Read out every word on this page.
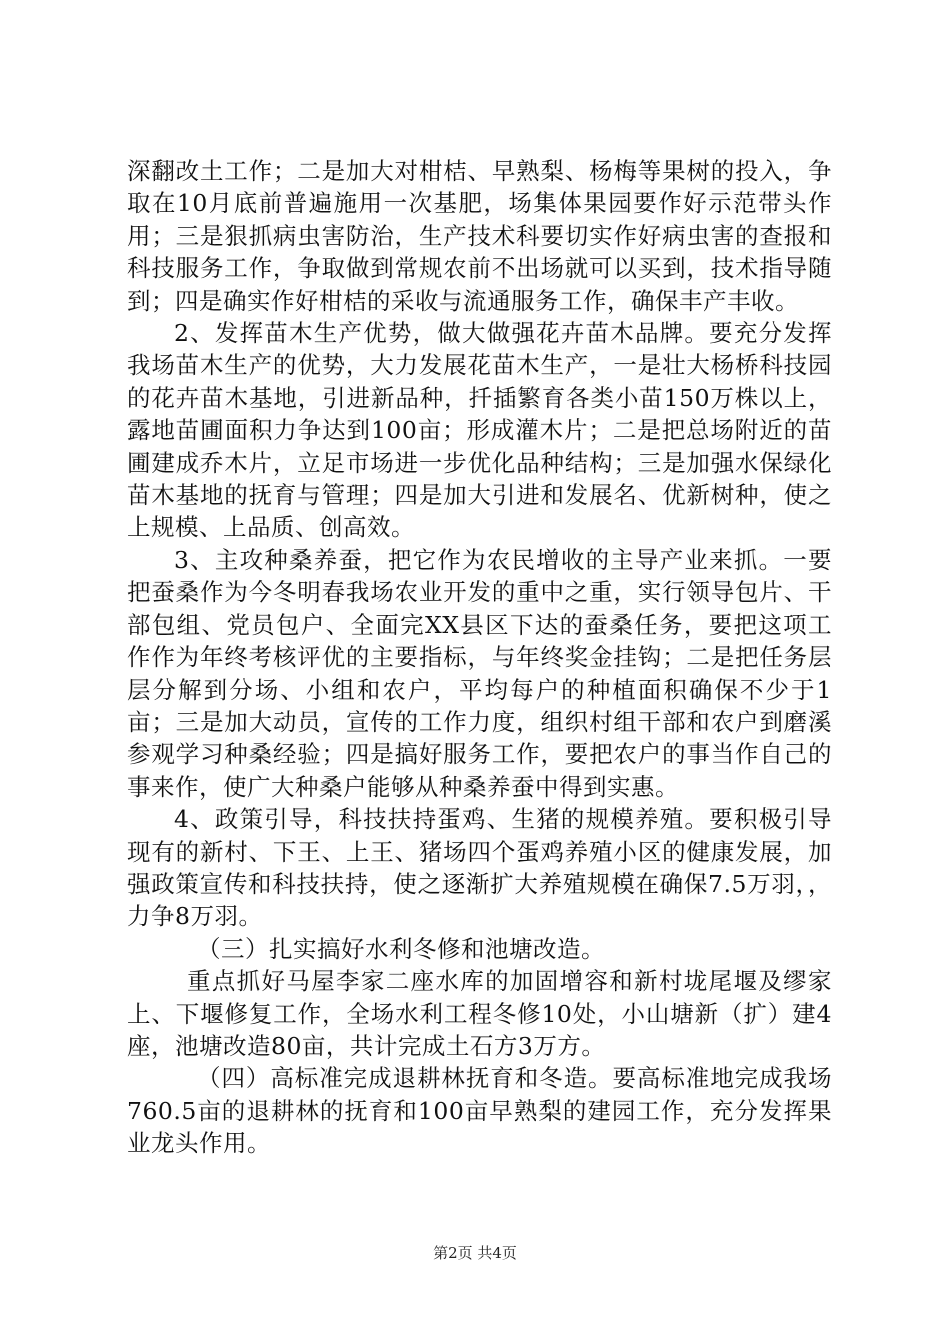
深翻改土工作；二是加大对柑桔、早熟梨、杨梅等果树的投入，争取在10月底前普遍施用一次基肥，场集体果园要作好示范带头作用；三是狠抓病虫害防治，生产技术科要切实作好病虫害的查报和科技服务工作，争取做到常规农前不出场就可以买到，技术指导随到；四是确实作好柑桔的采收与流通服务工作，确保丰产丰收。

2、发挥苗木生产优势，做大做强花卉苗木品牌。要充分发挥我场苗木生产的优势，大力发展花苗木生产，一是壮大杨桥科技园的花卉苗木基地，引进新品种，扦插繁育各类小苗150万株以上，露地苗圃面积力争达到100亩；形成灌木片；二是把总场附近的苗圃建成乔木片，立足市场进一步优化品种结构；三是加强水保绿化苗木基地的抚育与管理；四是加大引进和发展名、优新树种，使之上规模、上品质、创高效。

3、主攻种桑养蚕，把它作为农民增收的主导产业来抓。一要把蚕桑作为今冬明春我场农业开发的重中之重，实行领导包片、干部包组、党员包户、全面完XX县区下达的蚕桑任务，要把这项工作作为年终考核评优的主要指标，与年终奖金挂钩；二是把任务层层分解到分场、小组和农户，平均每户的种植面积确保不少于1亩；三是加大动员，宣传的工作力度，组织村组干部和农户到磨溪参观学习种桑经验；四是搞好服务工作，要把农户的事当作自己的事来作，使广大种桑户能够从种桑养蚕中得到实惠。

4、政策引导，科技扶持蛋鸡、生猪的规模养殖。要积极引导现有的新村、下王、上王、猪场四个蛋鸡养殖小区的健康发展，加强政策宣传和科技扶持，使之逐渐扩大养殖规模在确保7.5万羽，，力争8万羽。

（三）扎实搞好水利冬修和池塘改造。

重点抓好马屋李家二座水库的加固增容和新村垅尾堰及缪家上、下堰修复工作，全场水利工程冬修10处，小山塘新（扩）建4座，池塘改造80亩，共计完成土石方3万方。

（四）高标准完成退耕林抚育和冬造。要高标准地完成我场760.5亩的退耕林的抚育和100亩早熟梨的建园工作，充分发挥果业龙头作用。

第2页 共4页
